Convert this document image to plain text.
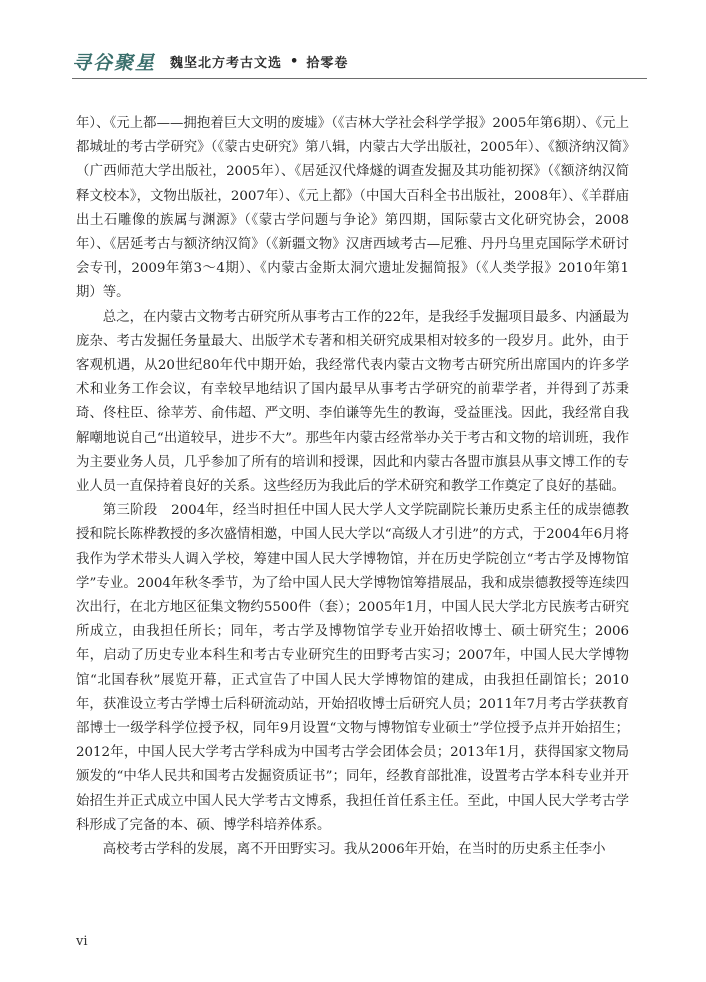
寻谷聚星 魏坚北方考古文选 • 拾零卷

年）、《元上都——拥抱着巨大文明的废墟》（《吉林大学社会科学学报》2005年第6期）、《元上都城址的考古学研究》（《蒙古史研究》第八辑，内蒙古大学出版社，2005年）、《额济纳汉简》（广西师范大学出版社，2005年）、《居延汉代烽燧的调查发掘及其功能初探》（《额济纳汉简释文校本》，文物出版社，2007年）、《元上都》（中国大百科全书出版社，2008年）、《羊群庙出土石雕像的族属与渊源》（《蒙古学问题与争论》第四期，国际蒙古文化研究协会，2008年）、《居延考古与额济纳汉简》（《新疆文物》汉唐西域考古—尼雅、丹丹乌里克国际学术研讨会专刊，2009年第3～4期）、《内蒙古金斯太洞穴遗址发掘简报》（《人类学报》2010年第1期）等。

总之，在内蒙古文物考古研究所从事考古工作的22年，是我经手发掘项目最多、内涵最为庞杂、考古发掘任务量最大、出版学术专著和相关研究成果相对较多的一段岁月。此外，由于客观机遇，从20世纪80年代中期开始，我经常代表内蒙古文物考古研究所出席国内的许多学术和业务工作会议，有幸较早地结识了国内最早从事考古学研究的前辈学者，并得到了苏秉琦、佟柱臣、徐苹芳、俞伟超、严文明、李伯谦等先生的教诲，受益匪浅。因此，我经常自我解嘲地说自己“出道较早，进步不大”。那些年内蒙古经常举办关于考古和文物的培训班，我作为主要业务人员，几乎参加了所有的培训和授课，因此和内蒙古各盟市旗县从事文博工作的专业人员一直保持着良好的关系。这些经历为我此后的学术研究和教学工作奠定了良好的基础。

第三阶段　2004年，经当时担任中国人民大学人文学院副院长兼历史系主任的成崇德教授和院长陈桦教授的多次盛情相邀，中国人民大学以“高级人才引进”的方式，于2004年6月将我作为学术带头人调入学校，筹建中国人民大学博物馆，并在历史学院创立“考古学及博物馆学”专业。2004年秋冬季节，为了给中国人民大学博物馆筹措展品，我和成崇德教授等连续四次出行，在北方地区征集文物约5500件（套）；2005年1月，中国人民大学北方民族考古研究所成立，由我担任所长；同年，考古学及博物馆学专业开始招收博士、硕士研究生；2006年，启动了历史专业本科生和考古专业研究生的田野考古实习；2007年，中国人民大学博物馆“北国春秋”展览开幕，正式宣告了中国人民大学博物馆的建成，由我担任副馆长；2010年，获准设立考古学博士后科研流动站，开始招收博士后研究人员；2011年7月考古学获教育部博士一级学科学位授予权，同年9月设置“文物与博物馆专业硕士”学位授予点并开始招生；2012年，中国人民大学考古学科成为中国考古学会团体会员；2013年1月，获得国家文物局颁发的“中华人民共和国考古发掘资质证书”；同年，经教育部批准，设置考古学本科专业并开始招生并正式成立中国人民大学考古文博系，我担任首任系主任。至此，中国人民大学考古学科形成了完备的本、硕、博学科培养体系。

高校考古学科的发展，离不开田野实习。我从2006年开始，在当时的历史系主任李小

vi
